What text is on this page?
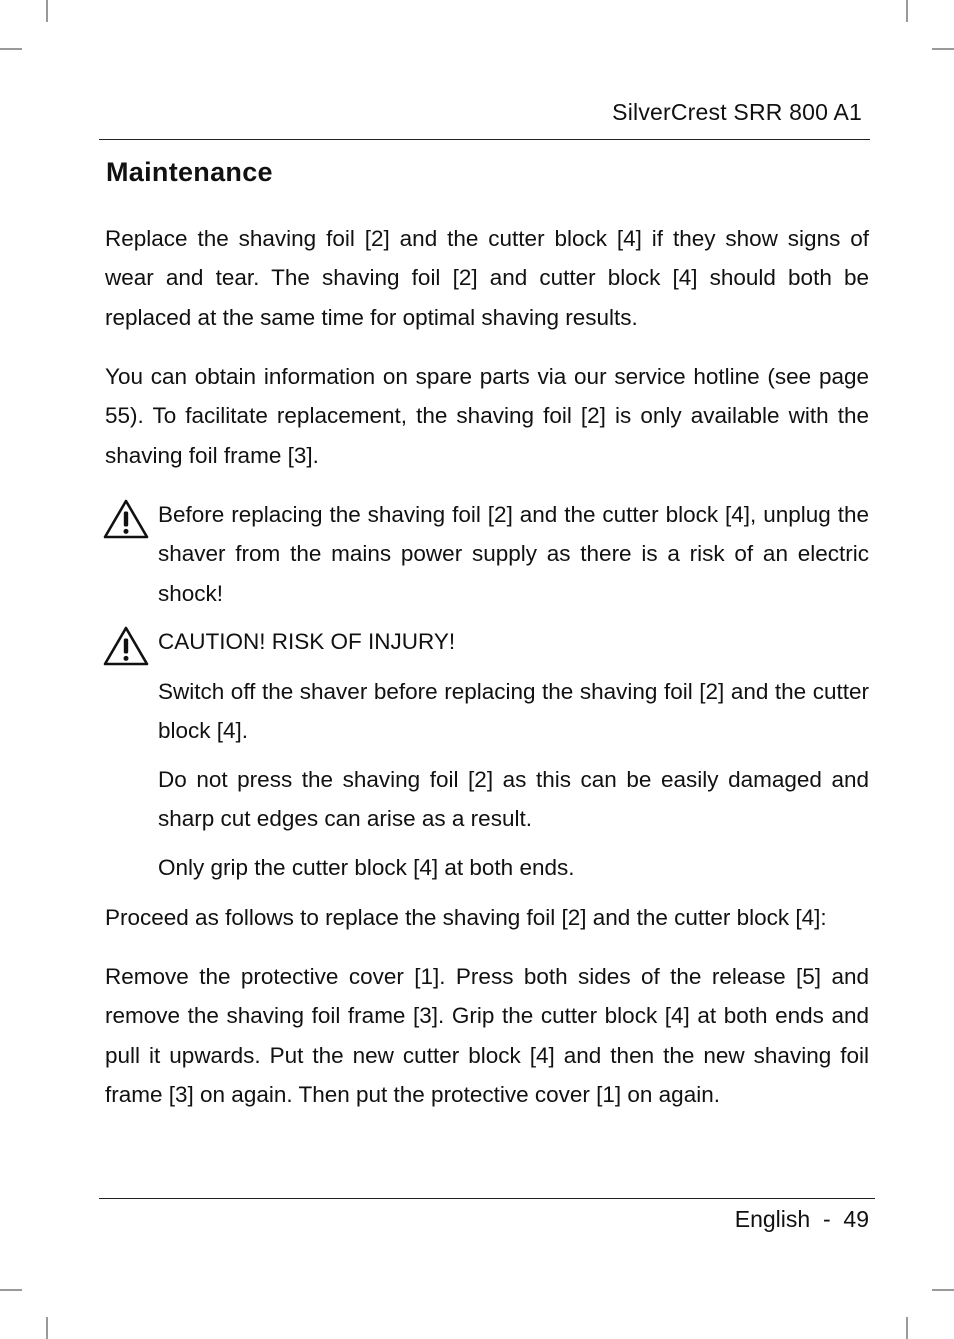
SilverCrest SRR 800 A1
Maintenance

Replace the shaving foil [2] and the cutter block [4] if they show signs of wear and tear. The shaving foil [2] and cutter block [4] should both be replaced at the same time for optimal shaving results.

You can obtain information on spare parts via our service hotline (see page 55). To facilitate replacement, the shaving foil [2] is only available with the shaving foil frame [3].

Before replacing the shaving foil [2] and the cutter block [4], unplug the shaver from the mains power supply as there is a risk of an electric shock!

CAUTION! RISK OF INJURY!

Switch off the shaver before replacing the shaving foil [2] and the cutter block [4].

Do not press the shaving foil [2] as this can be easily damaged and sharp cut edges can arise as a result.

Only grip the cutter block [4] at both ends.

Proceed as follows to replace the shaving foil [2] and the cutter block [4]:

Remove the protective cover [1]. Press both sides of the release [5] and remove the shaving foil frame [3]. Grip the cutter block [4] at both ends and pull it upwards. Put the new cutter block [4] and then the new shaving foil frame [3] on again. Then put the protective cover [1] on again.

English - 49
